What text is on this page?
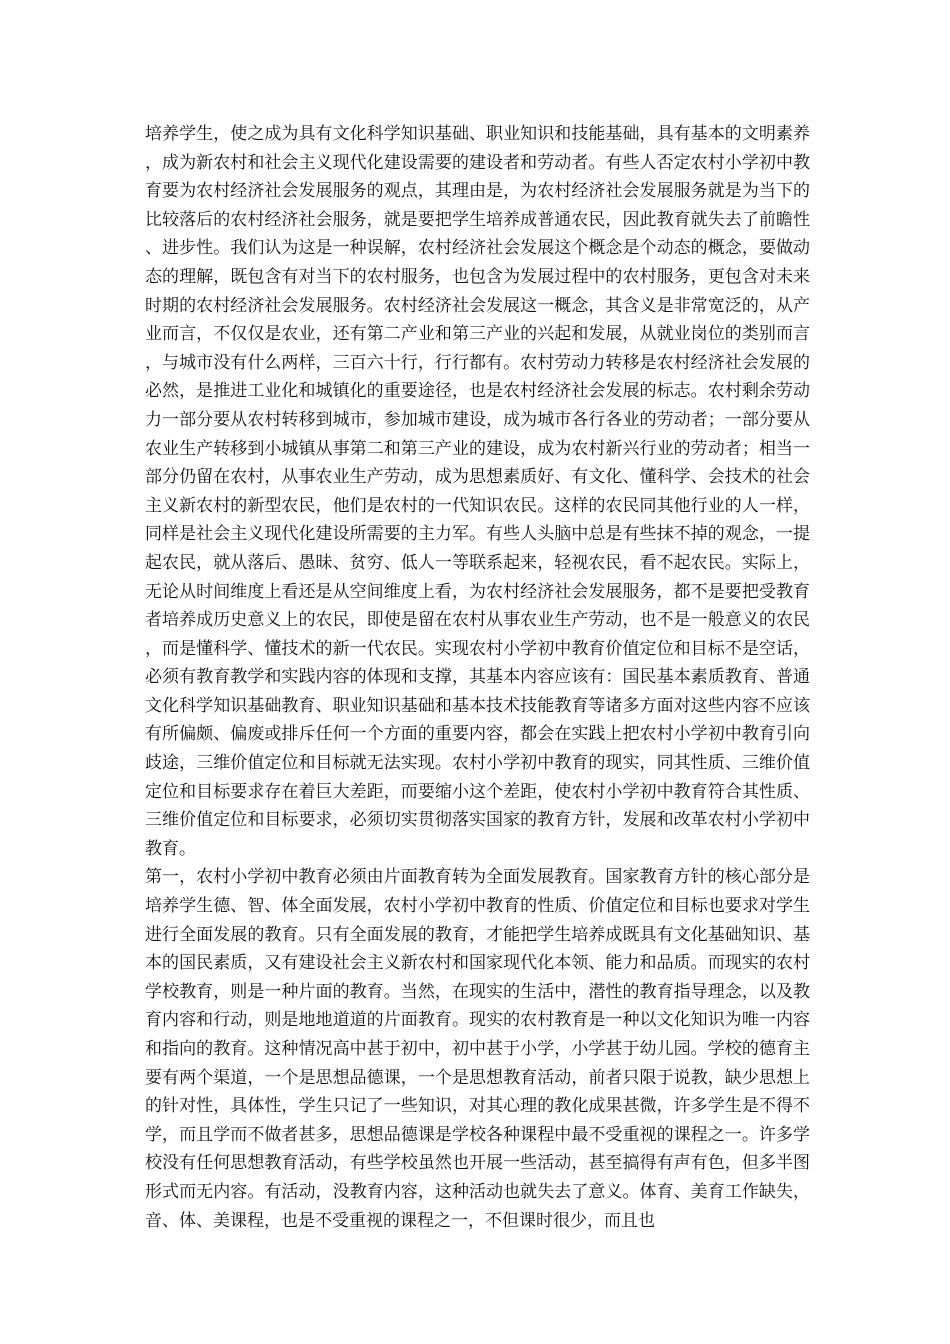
培养学生，使之成为具有文化科学知识基础、职业知识和技能基础，具有基本的文明素养，成为新农村和社会主义现代化建设需要的建设者和劳动者。有些人否定农村小学初中教育要为农村经济社会发展服务的观点，其理由是，为农村经济社会发展服务就是为当下的比较落后的农村经济社会服务，就是要把学生培养成普通农民，因此教育就失去了前瞻性、进步性。我们认为这是一种误解，农村经济社会发展这个概念是个动态的概念，要做动态的理解，既包含有对当下的农村服务，也包含为发展过程中的农村服务，更包含对未来时期的农村经济社会发展服务。农村经济社会发展这一概念，其含义是非常宽泛的，从产业而言，不仅仅是农业，还有第二产业和第三产业的兴起和发展，从就业岗位的类别而言，与城市没有什么两样，三百六十行，行行都有。农村劳动力转移是农村经济社会发展的必然，是推进工业化和城镇化的重要途径，也是农村经济社会发展的标志。农村剩余劳动力一部分要从农村转移到城市，参加城市建设，成为城市各行各业的劳动者；一部分要从农业生产转移到小城镇从事第二和第三产业的建设，成为农村新兴行业的劳动者；相当一部分仍留在农村，从事农业生产劳动，成为思想素质好、有文化、懂科学、会技术的社会主义新农村的新型农民，他们是农村的一代知识农民。这样的农民同其他行业的人一样，同样是社会主义现代化建设所需要的主力军。有些人头脑中总是有些抹不掉的观念，一提起农民，就从落后、愚昧、贫穷、低人一等联系起来，轻视农民，看不起农民。实际上，无论从时间维度上看还是从空间维度上看，为农村经济社会发展服务，都不是要把受教育者培养成历史意义上的农民，即使是留在农村从事农业生产劳动，也不是一般意义的农民，而是懂科学、懂技术的新一代农民。实现农村小学初中教育价值定位和目标不是空话，必须有教育教学和实践内容的体现和支撑，其基本内容应该有：国民基本素质教育、普通文化科学知识基础教育、职业知识基础和基本技术技能教育等诸多方面对这些内容不应该有所偏颇、偏废或排斥任何一个方面的重要内容，都会在实践上把农村小学初中教育引向歧途，三维价值定位和目标就无法实现。农村小学初中教育的现实，同其性质、三维价值定位和目标要求存在着巨大差距，而要缩小这个差距，使农村小学初中教育符合其性质、三维价值定位和目标要求，必须切实贯彻落实国家的教育方针，发展和改革农村小学初中教育。

第一，农村小学初中教育必须由片面教育转为全面发展教育。国家教育方针的核心部分是培养学生德、智、体全面发展，农村小学初中教育的性质、价值定位和目标也要求对学生进行全面发展的教育。只有全面发展的教育，才能把学生培养成既具有文化基础知识、基本的国民素质，又有建设社会主义新农村和国家现代化本领、能力和品质。而现实的农村学校教育，则是一种片面的教育。当然，在现实的生活中，潜性的教育指导理念，以及教育内容和行动，则是地地道道的片面教育。现实的农村教育是一种以文化知识为唯一内容和指向的教育。这种情况高中甚于初中，初中甚于小学，小学甚于幼儿园。学校的德育主要有两个渠道，一个是思想品德课，一个是思想教育活动，前者只限于说教，缺少思想上的针对性，具体性，学生只记了一些知识，对其心理的教化成果甚微，许多学生是不得不学，而且学而不做者甚多，思想品德课是学校各种课程中最不受重视的课程之一。许多学校没有任何思想教育活动，有些学校虽然也开展一些活动，甚至搞得有声有色，但多半图形式而无内容。有活动，没教育内容，这种活动也就失去了意义。体育、美育工作缺失，音、体、美课程，也是不受重视的课程之一，不但课时很少，而且也
